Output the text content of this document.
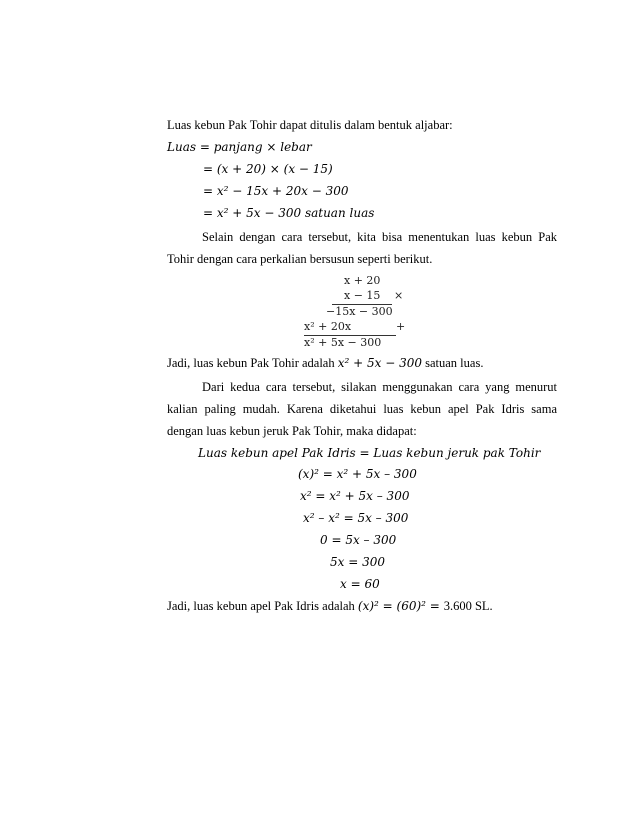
Luas kebun Pak Tohir dapat ditulis dalam bentuk aljabar:
Luas = panjang × lebar
= (x + 20) × (x − 15)
= x² − 15x + 20x − 300
= x² + 5x − 300 satuan luas
Selain dengan cara tersebut, kita bisa menentukan luas kebun Pak
Tohir dengan cara perkalian bersusun seperti berikut.
x + 20
x − 15 ×
−15x − 300
x² + 20x	+
x² + 5x − 300
Jadi, luas kebun Pak Tohir adalah x² + 5x − 300 satuan luas.
Dari kedua cara tersebut, silakan menggunakan cara yang menurut
kalian paling mudah. Karena diketahui luas kebun apel Pak Idris sama
dengan luas kebun jeruk Pak Tohir, maka didapat:
Luas kebun apel Pak Idris = Luas kebun jeruk pak Tohir
(x)² = x² + 5x – 300
x² = x² + 5x – 300
x² – x² = 5x – 300
0 = 5x – 300
5x = 300
x = 60
Jadi, luas kebun apel Pak Idris adalah (x)² = (60)² = 3.600 SL.
